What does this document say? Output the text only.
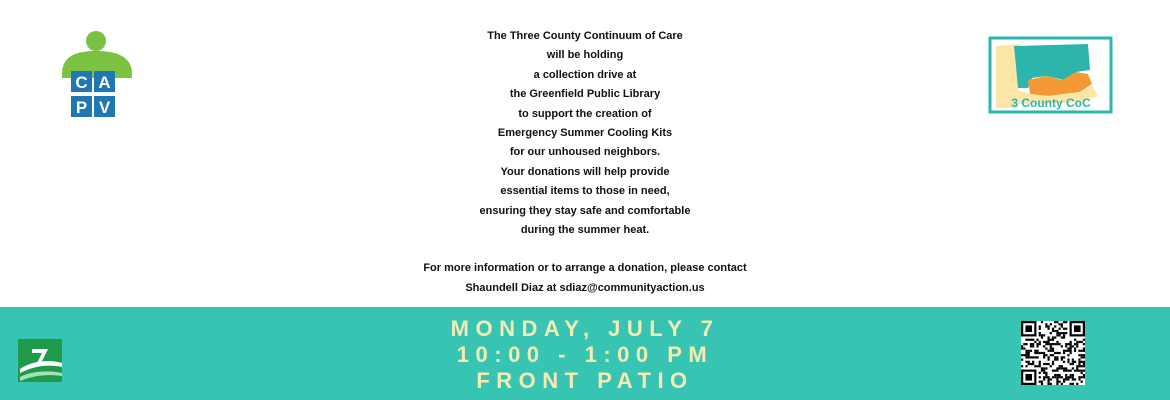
C A
P V
The Three County Continuum of Care
will be holding
a collection drive at
the Greenfield Public Library
to support the creation of
Emergency Summer Cooling Kits
for our unhoused neighbors.
Your donations will help provide
essential items to those in need,
ensuring they stay safe and comfortable
during the summer heat.
For more information or to arrange a donation, please contact
Shaundell Diaz at sdiaz@communityaction.us
3 County CoC
MONDAY, JULY 7
10:00 - 1:00 PM
FRONT PATIO
